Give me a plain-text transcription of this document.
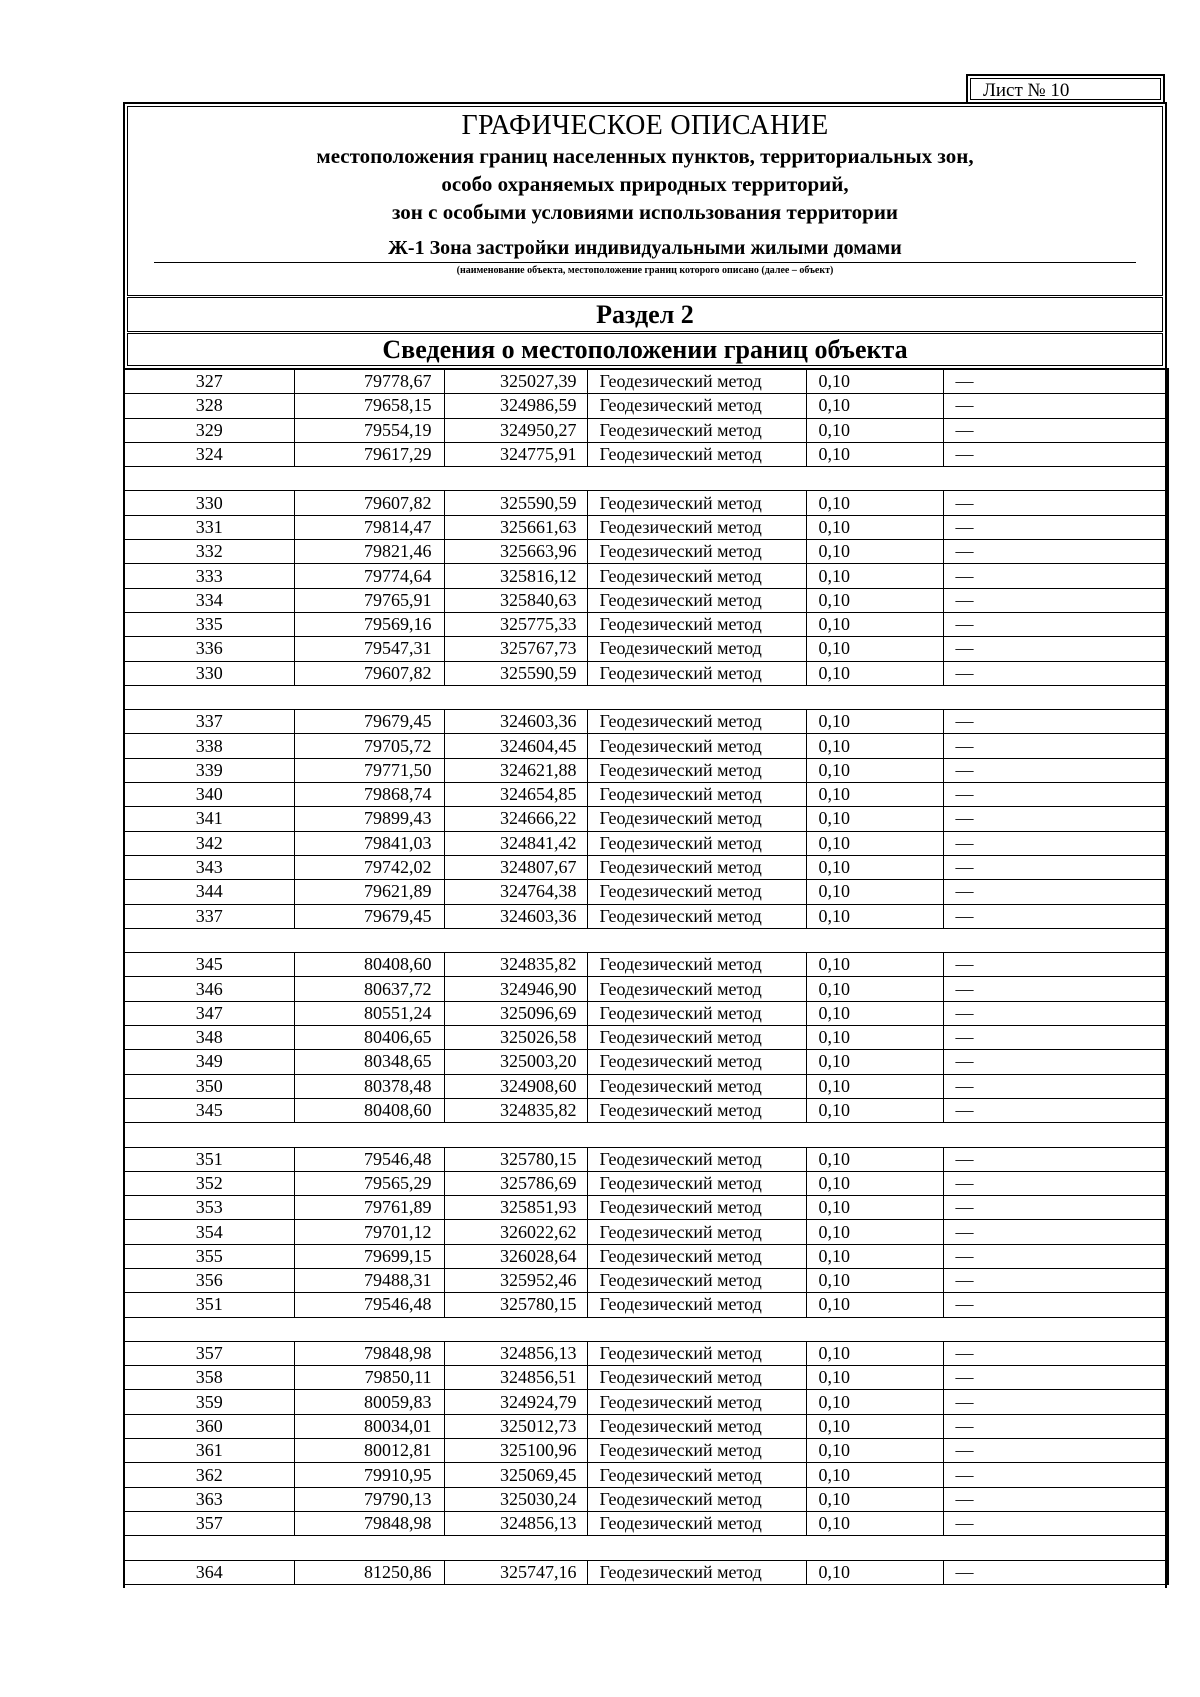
Лист № 10
ГРАФИЧЕСКОЕ ОПИСАНИЕ
местоположения границ населенных пунктов, территориальных зон,
особо охраняемых природных территорий,
зон с особыми условиями использования территории
Ж-1 Зона застройки индивидуальными жилыми домами
(наименование объекта, местоположение границ которого описано (далее – объект)
Раздел 2
Сведения о местоположении границ объекта
327	79778,67	325027,39	Геодезический метод	0,10	—
328	79658,15	324986,59	Геодезический метод	0,10	—
329	79554,19	324950,27	Геодезический метод	0,10	—
324	79617,29	324775,91	Геодезический метод	0,10	—

330	79607,82	325590,59	Геодезический метод	0,10	—
331	79814,47	325661,63	Геодезический метод	0,10	—
332	79821,46	325663,96	Геодезический метод	0,10	—
333	79774,64	325816,12	Геодезический метод	0,10	—
334	79765,91	325840,63	Геодезический метод	0,10	—
335	79569,16	325775,33	Геодезический метод	0,10	—
336	79547,31	325767,73	Геодезический метод	0,10	—
330	79607,82	325590,59	Геодезический метод	0,10	—

337	79679,45	324603,36	Геодезический метод	0,10	—
338	79705,72	324604,45	Геодезический метод	0,10	—
339	79771,50	324621,88	Геодезический метод	0,10	—
340	79868,74	324654,85	Геодезический метод	0,10	—
341	79899,43	324666,22	Геодезический метод	0,10	—
342	79841,03	324841,42	Геодезический метод	0,10	—
343	79742,02	324807,67	Геодезический метод	0,10	—
344	79621,89	324764,38	Геодезический метод	0,10	—
337	79679,45	324603,36	Геодезический метод	0,10	—

345	80408,60	324835,82	Геодезический метод	0,10	—
346	80637,72	324946,90	Геодезический метод	0,10	—
347	80551,24	325096,69	Геодезический метод	0,10	—
348	80406,65	325026,58	Геодезический метод	0,10	—
349	80348,65	325003,20	Геодезический метод	0,10	—
350	80378,48	324908,60	Геодезический метод	0,10	—
345	80408,60	324835,82	Геодезический метод	0,10	—

351	79546,48	325780,15	Геодезический метод	0,10	—
352	79565,29	325786,69	Геодезический метод	0,10	—
353	79761,89	325851,93	Геодезический метод	0,10	—
354	79701,12	326022,62	Геодезический метод	0,10	—
355	79699,15	326028,64	Геодезический метод	0,10	—
356	79488,31	325952,46	Геодезический метод	0,10	—
351	79546,48	325780,15	Геодезический метод	0,10	—

357	79848,98	324856,13	Геодезический метод	0,10	—
358	79850,11	324856,51	Геодезический метод	0,10	—
359	80059,83	324924,79	Геодезический метод	0,10	—
360	80034,01	325012,73	Геодезический метод	0,10	—
361	80012,81	325100,96	Геодезический метод	0,10	—
362	79910,95	325069,45	Геодезический метод	0,10	—
363	79790,13	325030,24	Геодезический метод	0,10	—
357	79848,98	324856,13	Геодезический метод	0,10	—

364	81250,86	325747,16	Геодезический метод	0,10	—
